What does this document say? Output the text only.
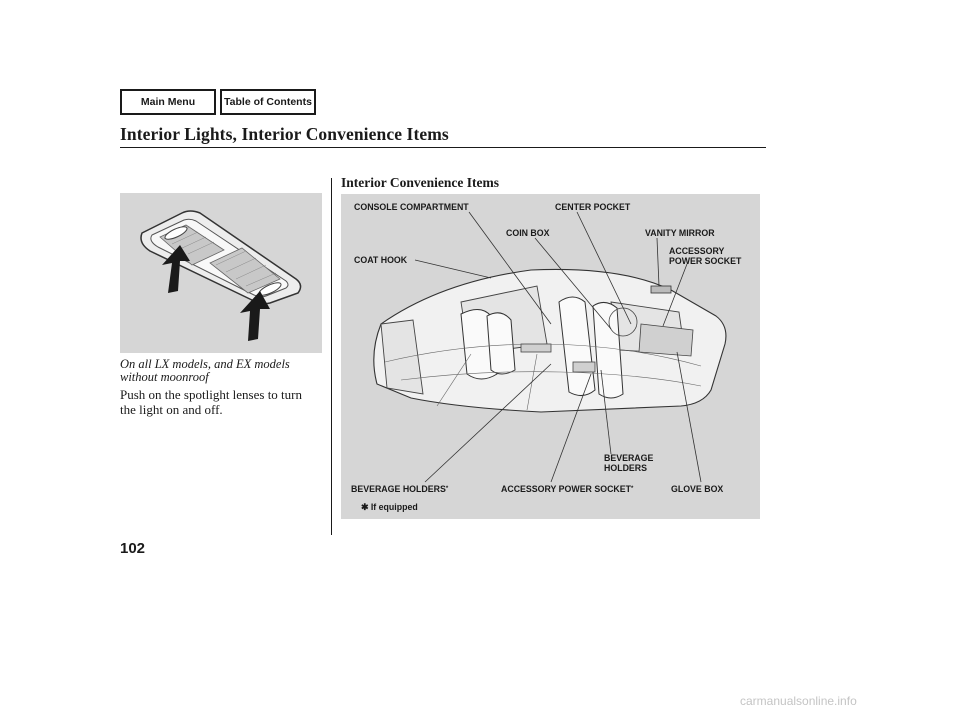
Main Menu	Table of Contents
Interior Lights, Interior Convenience Items
On all LX models, and EX models
without moonroof
Push on the spotlight lenses to turn
the light on and off.
Interior Convenience Items
CONSOLE COMPARTMENT	CENTER POCKET
COIN BOX	VANITY MIRROR
ACCESSORY
POWER SOCKET
COAT HOOK
BEVERAGE
HOLDERS
BEVERAGE HOLDERS*	ACCESSORY POWER SOCKET*	GLOVE BOX
✱ If equipped
102
carmanualsonline.info
